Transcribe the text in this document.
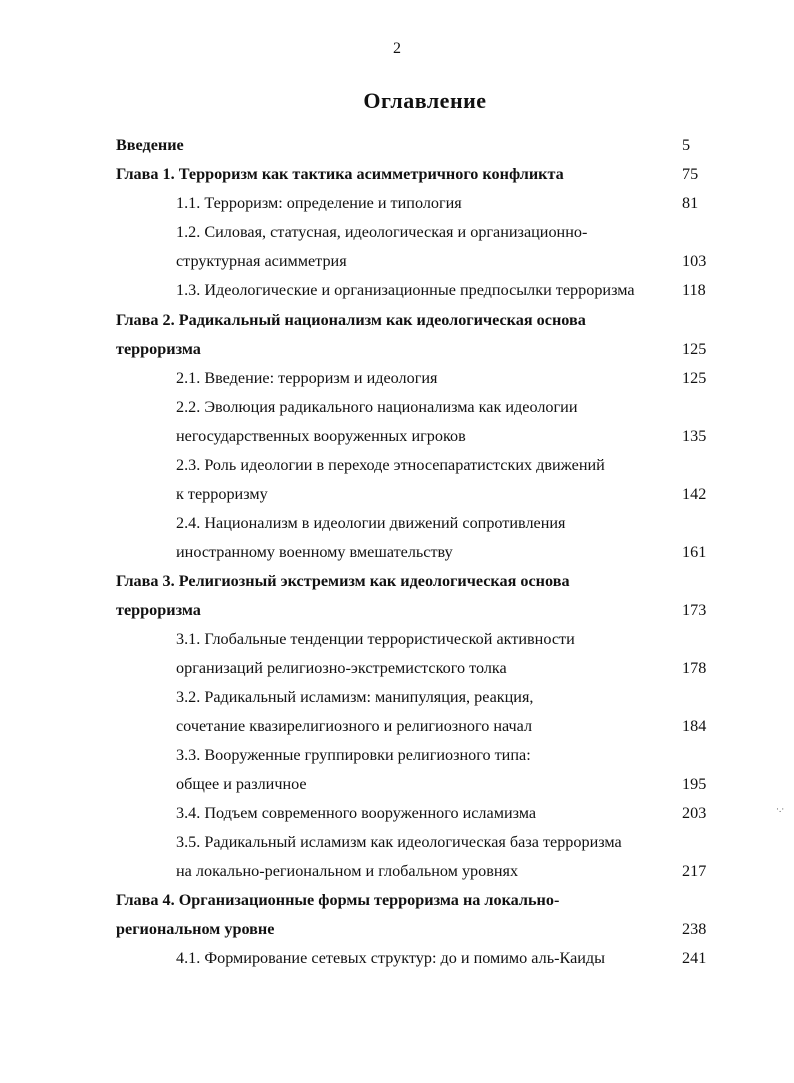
2
Оглавление
Введение	5
Глава 1. Терроризм как тактика асимметричного конфликта	75
1.1. Терроризм: определение и типология	81
1.2. Силовая, статусная, идеологическая и организационно-
структурная асимметрия	103
1.3. Идеологические и организационные предпосылки терроризма	118
Глава 2. Радикальный национализм как идеологическая основа
терроризма	125
2.1. Введение: терроризм и идеология	125
2.2. Эволюция радикального национализма как идеологии
негосударственных вооруженных игроков	135
2.3. Роль идеологии в переходе этносепаратистских движений
к терроризму	142
2.4. Национализм в идеологии движений сопротивления
иностранному военному вмешательству	161
Глава 3. Религиозный экстремизм как идеологическая основа
терроризма	173
3.1. Глобальные тенденции террористической активности
организаций религиозно-экстремистского толка	178
3.2. Радикальный исламизм: манипуляция, реакция,
сочетание квазирелигиозного и религиозного начал	184
3.3. Вооруженные группировки религиозного типа:
общее и различное	195
3.4. Подъем современного вооруженного исламизма	203
3.5. Радикальный исламизм как идеологическая база терроризма
на локально-региональном и глобальном уровнях	217
Глава 4. Организационные формы терроризма на локально-
региональном уровне	238
4.1. Формирование сетевых структур: до и помимо аль-Каиды	241
·.·
